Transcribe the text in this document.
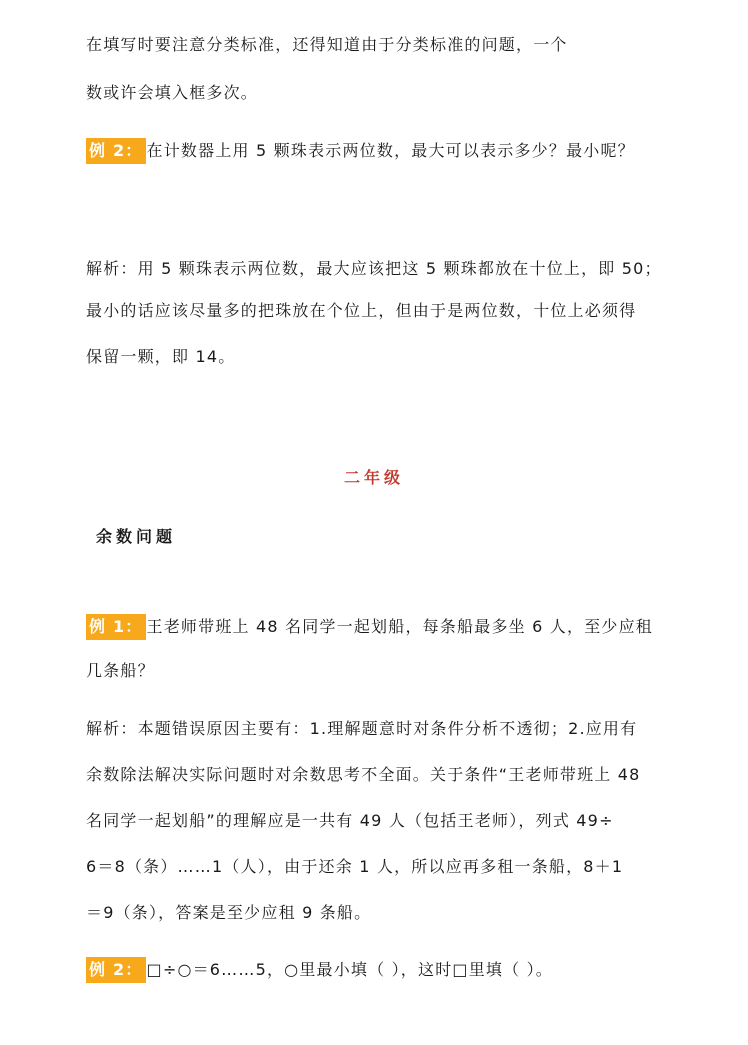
在填写时要注意分类标准，还得知道由于分类标准的问题，一个
数或许会填入框多次。
例 2： 在计数器上用 5 颗珠表示两位数，最大可以表示多少？最小呢？
解析：用 5 颗珠表示两位数，最大应该把这 5 颗珠都放在十位上，即 50；
最小的话应该尽量多的把珠放在个位上，但由于是两位数，十位上必须得
保留一颗，即 14。
二年级
余数问题
例 1： 王老师带班上 48 名同学一起划船，每条船最多坐 6 人，至少应租
几条船？
解析：本题错误原因主要有：1.理解题意时对条件分析不透彻；2.应用有
余数除法解决实际问题时对余数思考不全面。关于条件“王老师带班上 48
名同学一起划船”的理解应是一共有 49 人（包括王老师），列式 49÷
6＝8（条）……1（人），由于还余 1 人，所以应再多租一条船，8＋1
＝9（条），答案是至少应租 9 条船。
例 2： □÷○＝6……5，○里最小填（ ），这时□里填（ ）。
